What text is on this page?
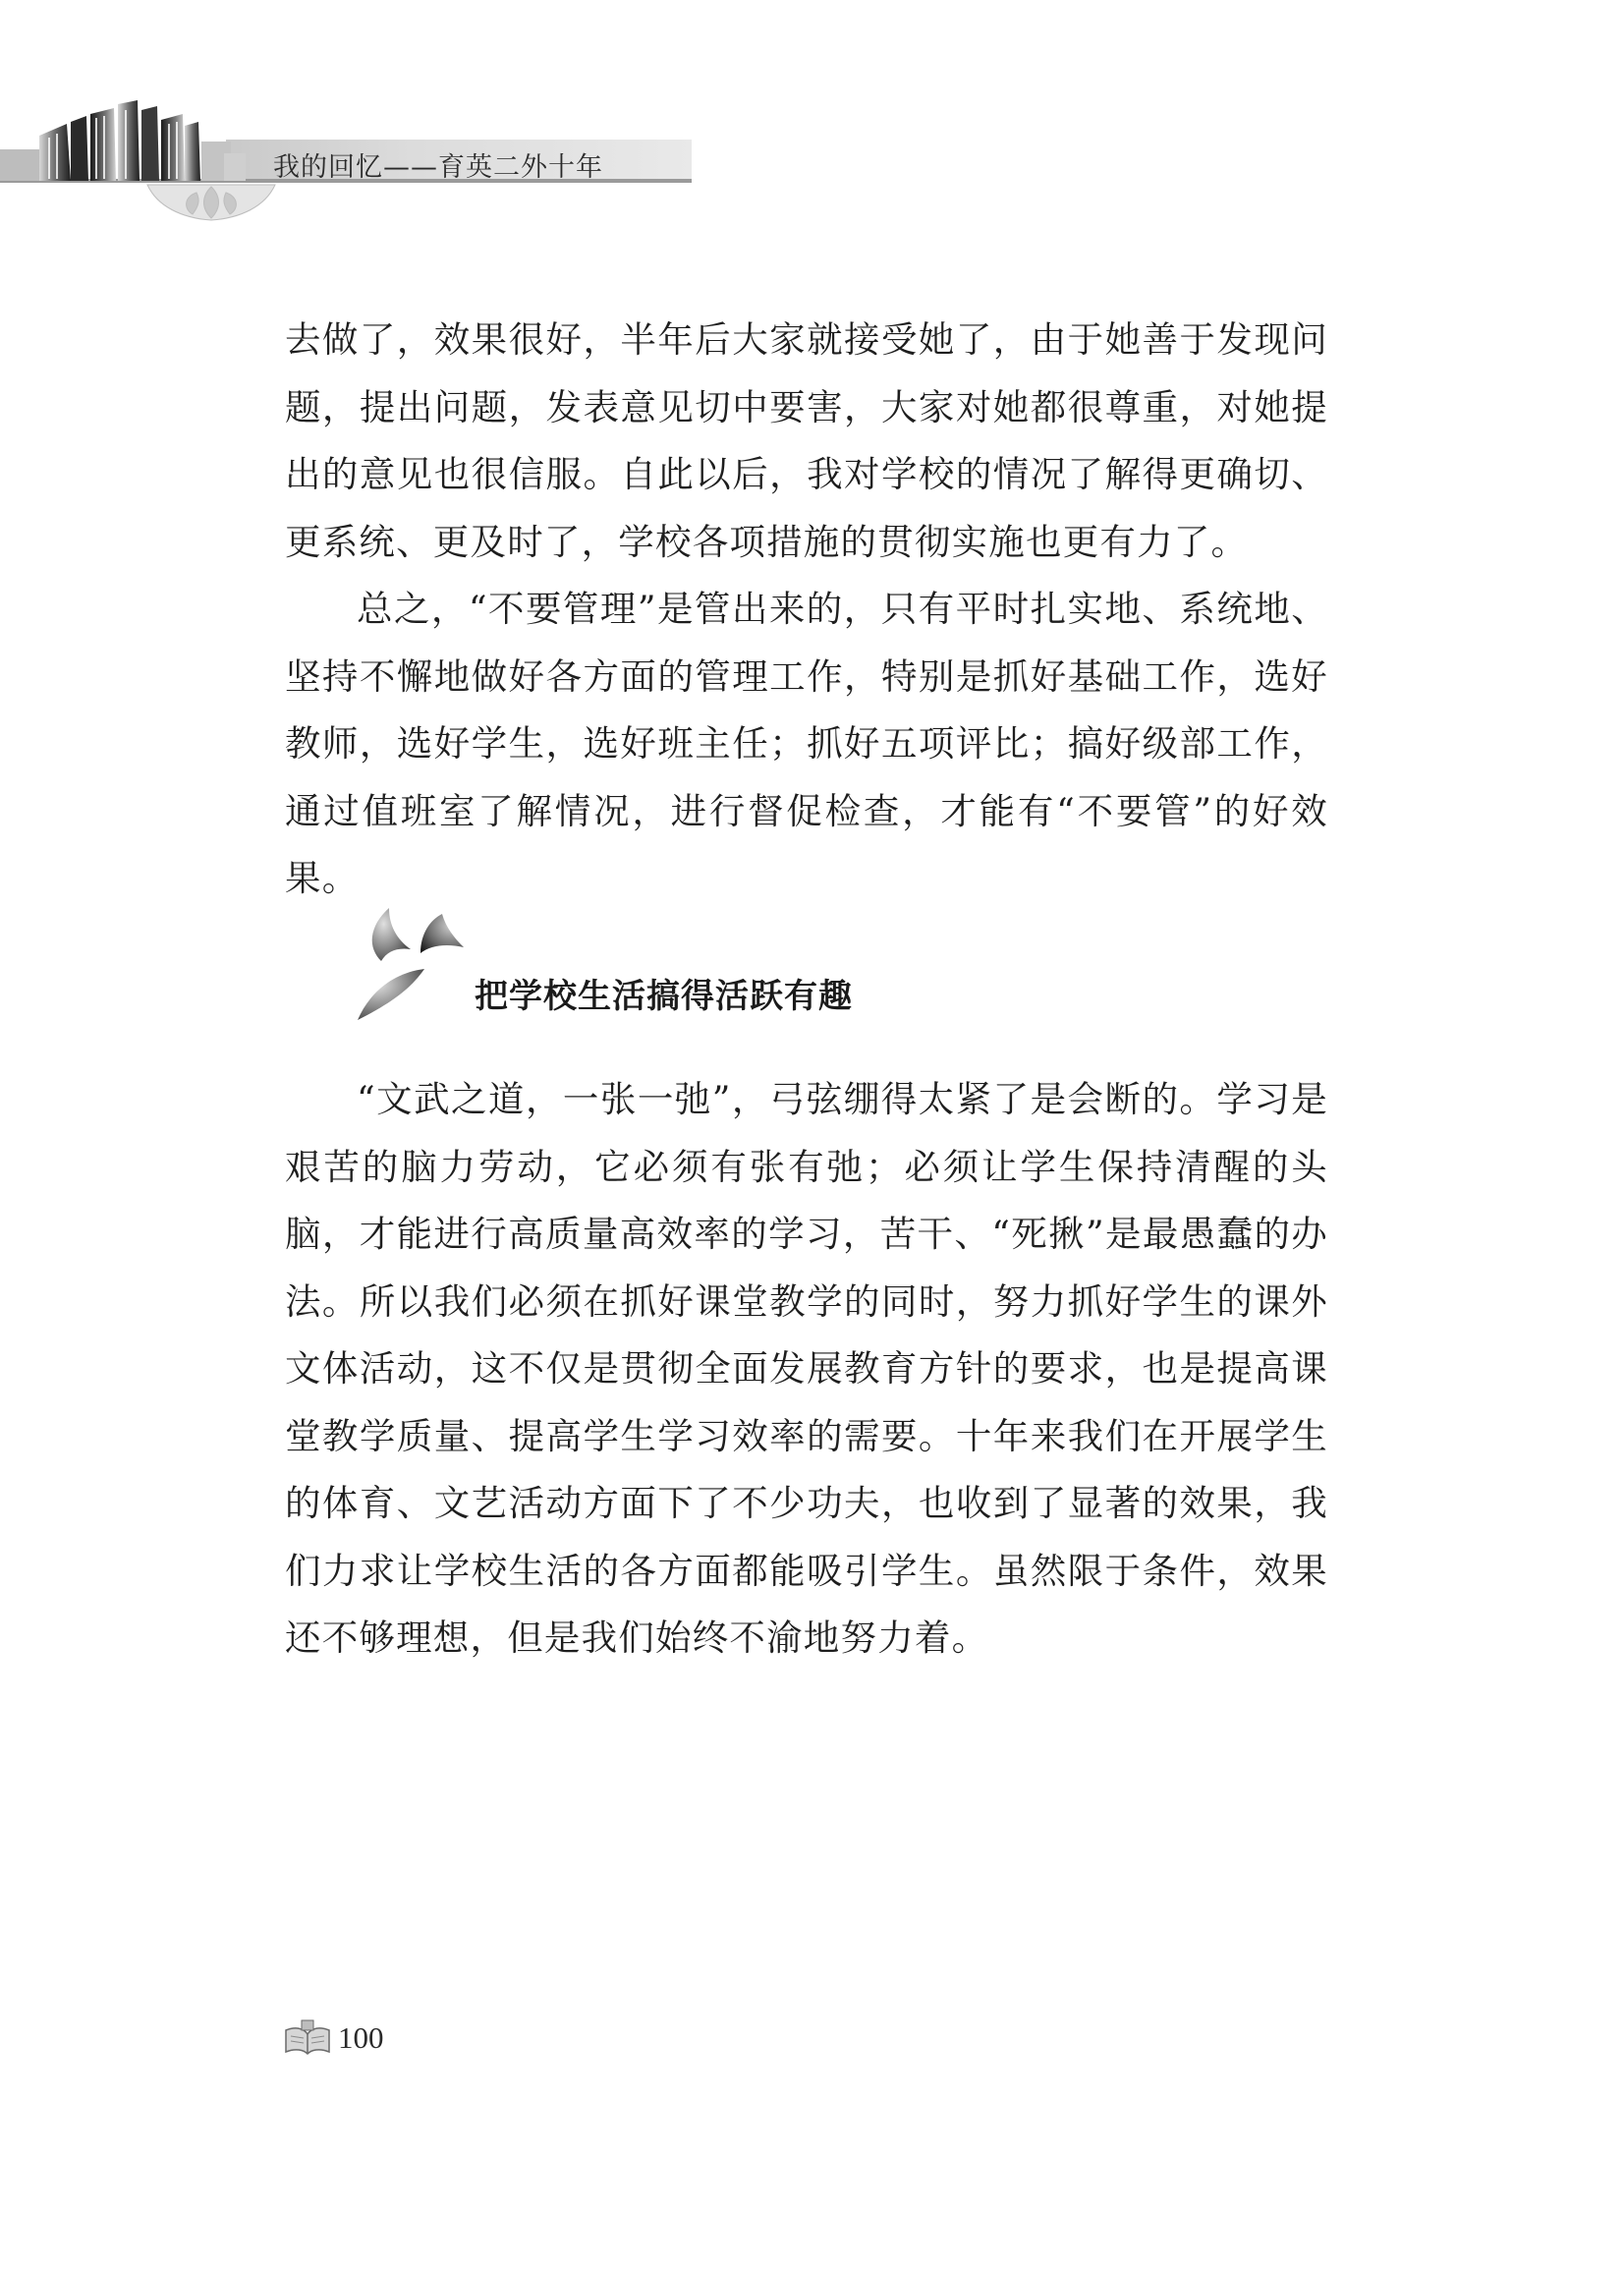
我的回忆——育英二外十年

去做了，效果很好，半年后大家就接受她了，由于她善于发现问题，提出问题，发表意见切中要害，大家对她都很尊重，对她提出的意见也很信服。自此以后，我对学校的情况了解得更确切、更系统、更及时了，学校各项措施的贯彻实施也更有力了。

总之，“不要管理”是管出来的，只有平时扎实地、系统地、坚持不懈地做好各方面的管理工作，特别是抓好基础工作，选好教师，选好学生，选好班主任；抓好五项评比；搞好级部工作，通过值班室了解情况，进行督促检查，才能有“不要管”的好效果。

把学校生活搞得活跃有趣

“文武之道，一张一弛”，弓弦绷得太紧了是会断的。学习是艰苦的脑力劳动，它必须有张有弛；必须让学生保持清醒的头脑，才能进行高质量高效率的学习，苦干、“死揪”是最愚蠢的办法。所以我们必须在抓好课堂教学的同时，努力抓好学生的课外文体活动，这不仅是贯彻全面发展教育方针的要求，也是提高课堂教学质量、提高学生学习效率的需要。十年来我们在开展学生的体育、文艺活动方面下了不少功夫，也收到了显著的效果，我们力求让学校生活的各方面都能吸引学生。虽然限于条件，效果还不够理想，但是我们始终不渝地努力着。

100
